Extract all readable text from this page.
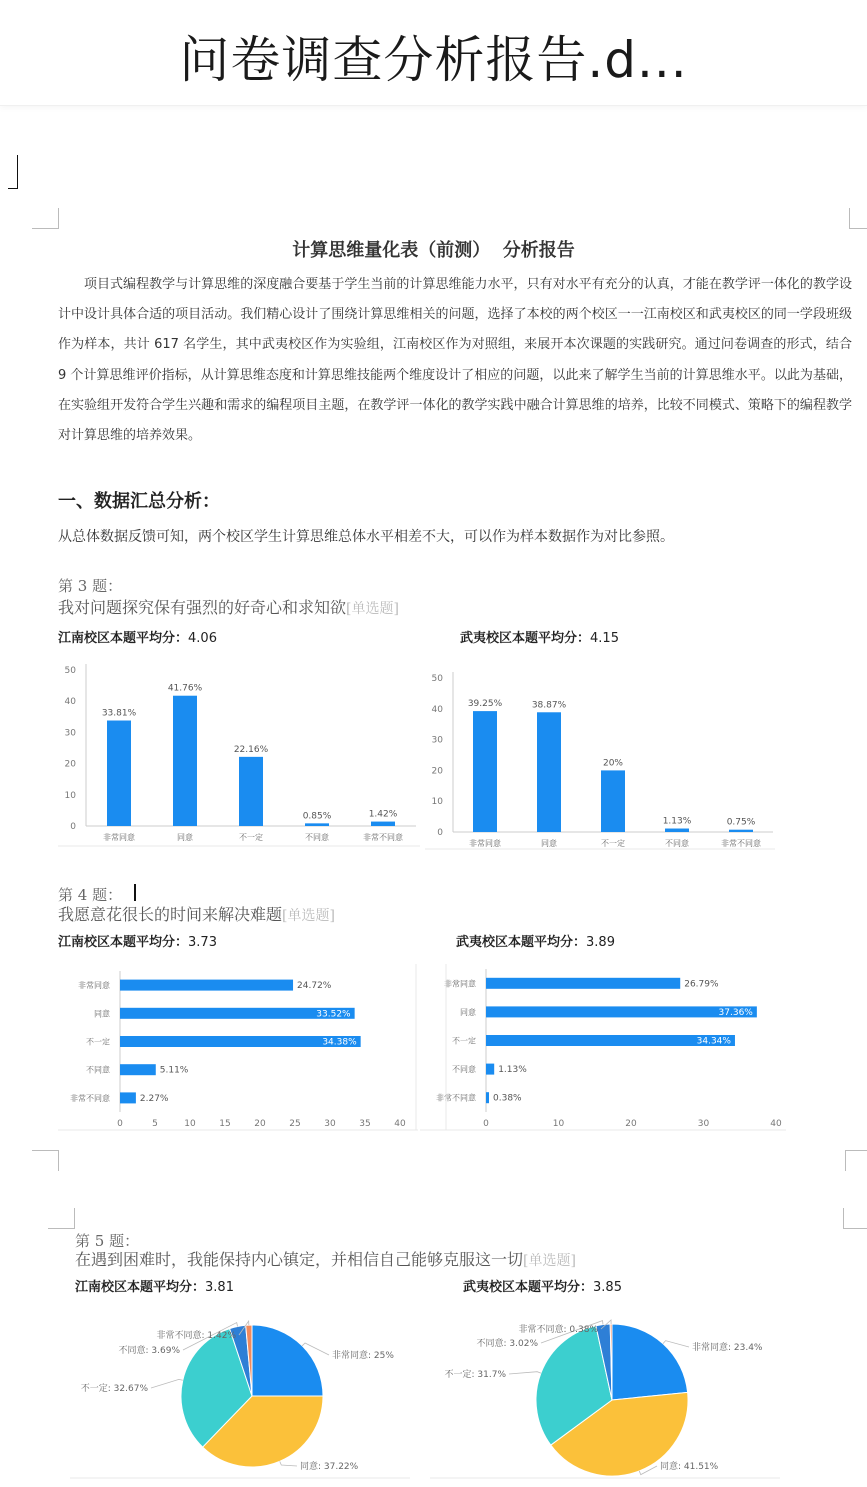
问卷调查分析报告.d...
计算思维量化表（前测）  分析报告
项目式编程教学与计算思维的深度融合要基于学生当前的计算思维能力水平，只有对水平有充分的认真，才能在教学评一体化的教学设计中设计具体合适的项目活动。我们精心设计了围绕计算思维相关的问题，选择了本校的两个校区一一江南校区和武夷校区的同一学段班级作为样本，共计 617 名学生，其中武夷校区作为实验组，江南校区作为对照组，来展开本次课题的实践研究。通过问卷调查的形式，结合 9 个计算思维评价指标，从计算思维态度和计算思维技能两个维度设计了相应的问题，以此来了解学生当前的计算思维水平。以此为基础，在实验组开发符合学生兴趣和需求的编程项目主题，在教学评一体化的教学实践中融合计算思维的培养，比较不同模式、策略下的编程教学对计算思维的培养效果。
一、数据汇总分析：
从总体数据反馈可知，两个校区学生计算思维总体水平相差不大，可以作为样本数据作为对比参照。
第 3 题：
我对问题探究保有强烈的好奇心和求知欲[单选题]
江南校区本题平均分：4.06	武夷校区本题平均分：4.15
0
10
20
30
40
50
33.81%
非常同意
41.76%
同意
22.16%
不一定
0.85%
不同意
1.42%
非常不同意	0
10
20
30
40
50
39.25%
非常同意
38.87%
同意
20%
不一定
1.13%
不同意
0.75%
非常不同意
第 4 题：
我愿意花很长的时间来解决难题[单选题]
江南校区本题平均分：3.73	武夷校区本题平均分：3.89
0	5	10	15	20	25	30	35	40
非常同意	24.72%
同意	33.52%
不一定	34.38%
不同意	5.11%
非常不同意	2.27%
0	10	20	30	40
非常同意	26.79%
同意	37.36%
不一定	34.34%
不同意 1.13%
非常不同意 0.38%
第 5 题：
在遇到困难时，我能保持内心镇定，并相信自己能够克服这一切[单选题]
江南校区本题平均分：3.81	武夷校区本题平均分：3.85
非常同意: 25%
同意: 37.22%
不一定: 32.67%
不同意: 3.69%
非常不同意: 1.42%
非常同意: 23.4%
同意: 41.51%
不一定: 31.7%
不同意: 3.02%
非常不同意: 0.38%
